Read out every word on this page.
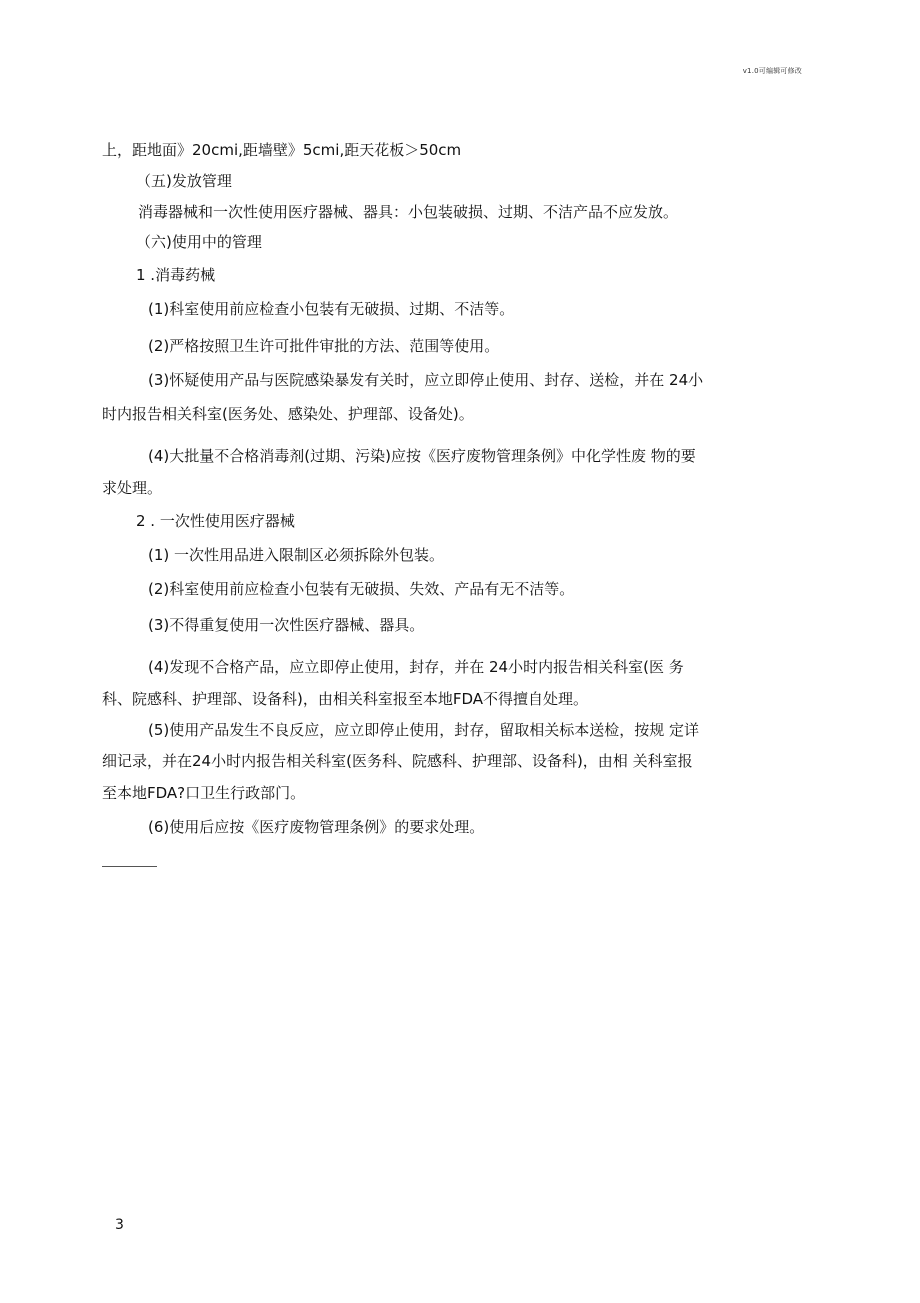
v1.0可编辑可修改
上，距地面》20cmi,距墙壁》5cmi,距天花板＞50cm
（五)发放管理
消毒器械和一次性使用医疗器械、器具：小包装破损、过期、不洁产品不应发放。
（六)使用中的管理
1 .消毒药械
(1)科室使用前应检查小包装有无破损、过期、不洁等。
(2)严格按照卫生许可批件审批的方法、范围等使用。
(3)怀疑使用产品与医院感染暴发有关时，应立即停止使用、封存、送检，并在 24小
时内报告相关科室(医务处、感染处、护理部、设备处)。
(4)大批量不合格消毒剂(过期、污染)应按《医疗废物管理条例》中化学性废 物的要
求处理。
2 . 一次性使用医疗器械
(1) 一次性用品进入限制区必须拆除外包装。
(2)科室使用前应检查小包装有无破损、失效、产品有无不洁等。
(3)不得重复使用一次性医疗器械、器具。
(4)发现不合格产品，应立即停止使用，封存，并在 24小时内报告相关科室(医 务
科、院感科、护理部、设备科)，由相关科室报至本地FDA不得擅自处理。
(5)使用产品发生不良反应，应立即停止使用，封存，留取相关标本送检，按规 定详
细记录，并在24小时内报告相关科室(医务科、院感科、护理部、设备科)，由相 关科室报
至本地FDA?口卫生行政部门。
(6)使用后应按《医疗废物管理条例》的要求处理。
3
